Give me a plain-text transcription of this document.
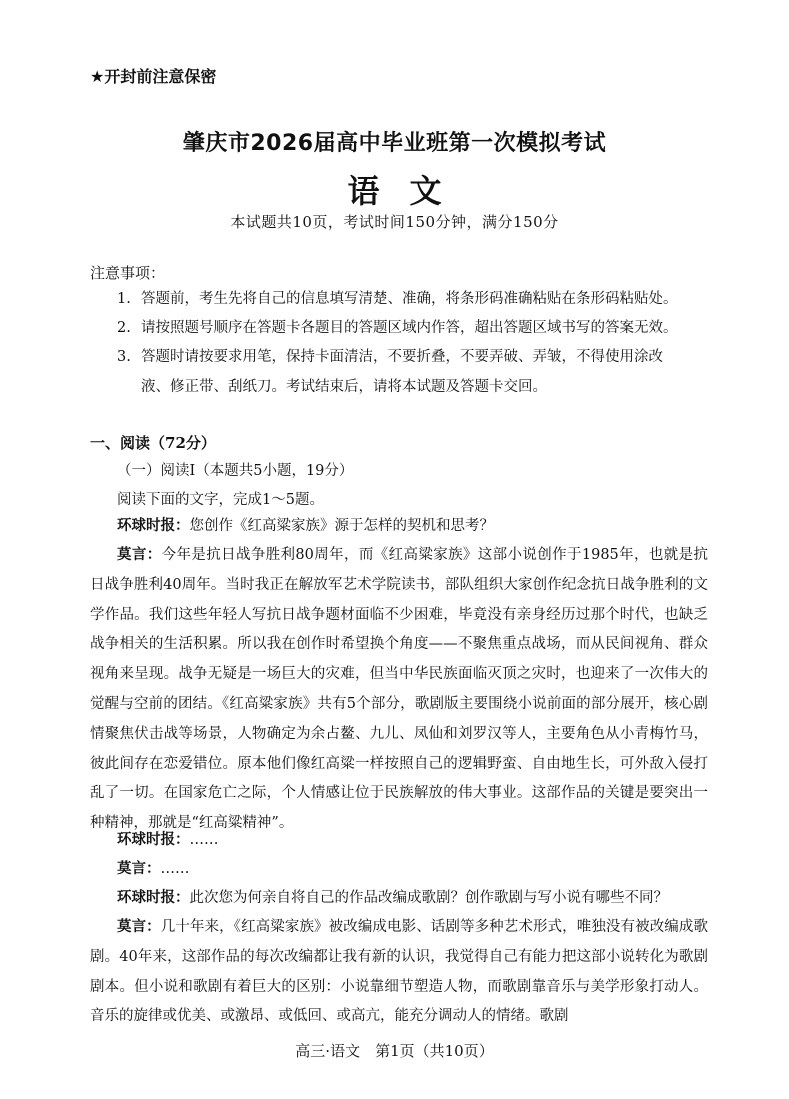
★开封前注意保密
肇庆市2026届高中毕业班第一次模拟考试
语文
本试题共10页，考试时间150分钟，满分150分
注意事项：
1. 答题前，考生先将自己的信息填写清楚、准确，将条形码准确粘贴在条形码粘贴处。
2. 请按照题号顺序在答题卡各题目的答题区域内作答，超出答题区域书写的答案无效。
3. 答题时请按要求用笔，保持卡面清洁，不要折叠，不要弄破、弄皱，不得使用涂改
液、修正带、刮纸刀。考试结束后，请将本试题及答题卡交回。
一、阅读（72分）
（一）阅读Ⅰ（本题共5小题，19分）
阅读下面的文字，完成1～5题。

环球时报：您创作《红高粱家族》源于怎样的契机和思考？

莫言：今年是抗日战争胜利80周年，而《红高粱家族》这部小说创作于1985年，也就是抗日战争胜利40周年。当时我正在解放军艺术学院读书，部队组织大家创作纪念抗日战争胜利的文学作品。我们这些年轻人写抗日战争题材面临不少困难，毕竟没有亲身经历过那个时代，也缺乏战争相关的生活积累。所以我在创作时希望换个角度——不聚焦重点战场，而从民间视角、群众视角来呈现。战争无疑是一场巨大的灾难，但当中华民族面临灭顶之灾时，也迎来了一次伟大的觉醒与空前的团结。《红高粱家族》共有5个部分，歌剧版主要围绕小说前面的部分展开，核心剧情聚焦伏击战等场景，人物确定为余占鳌、九儿、凤仙和刘罗汉等人，主要角色从小青梅竹马，彼此间存在恋爱错位。原本他们像红高粱一样按照自己的逻辑野蛮、自由地生长，可外敌入侵打乱了一切。在国家危亡之际，个人情感让位于民族解放的伟大事业。这部作品的关键是要突出一种精神，那就是“红高粱精神”。

环球时报：……

莫言：……

环球时报：此次您为何亲自将自己的作品改编成歌剧？创作歌剧与写小说有哪些不同？

莫言：几十年来，《红高粱家族》被改编成电影、话剧等多种艺术形式，唯独没有被改编成歌剧。40年来，这部作品的每次改编都让我有新的认识，我觉得自己有能力把这部小说转化为歌剧剧本。但小说和歌剧有着巨大的区别：小说靠细节塑造人物，而歌剧靠音乐与美学形象打动人。音乐的旋律或优美、或激昂、或低回、或高亢，能充分调动人的情绪。歌剧

高三·语文　第1页（共10页）
